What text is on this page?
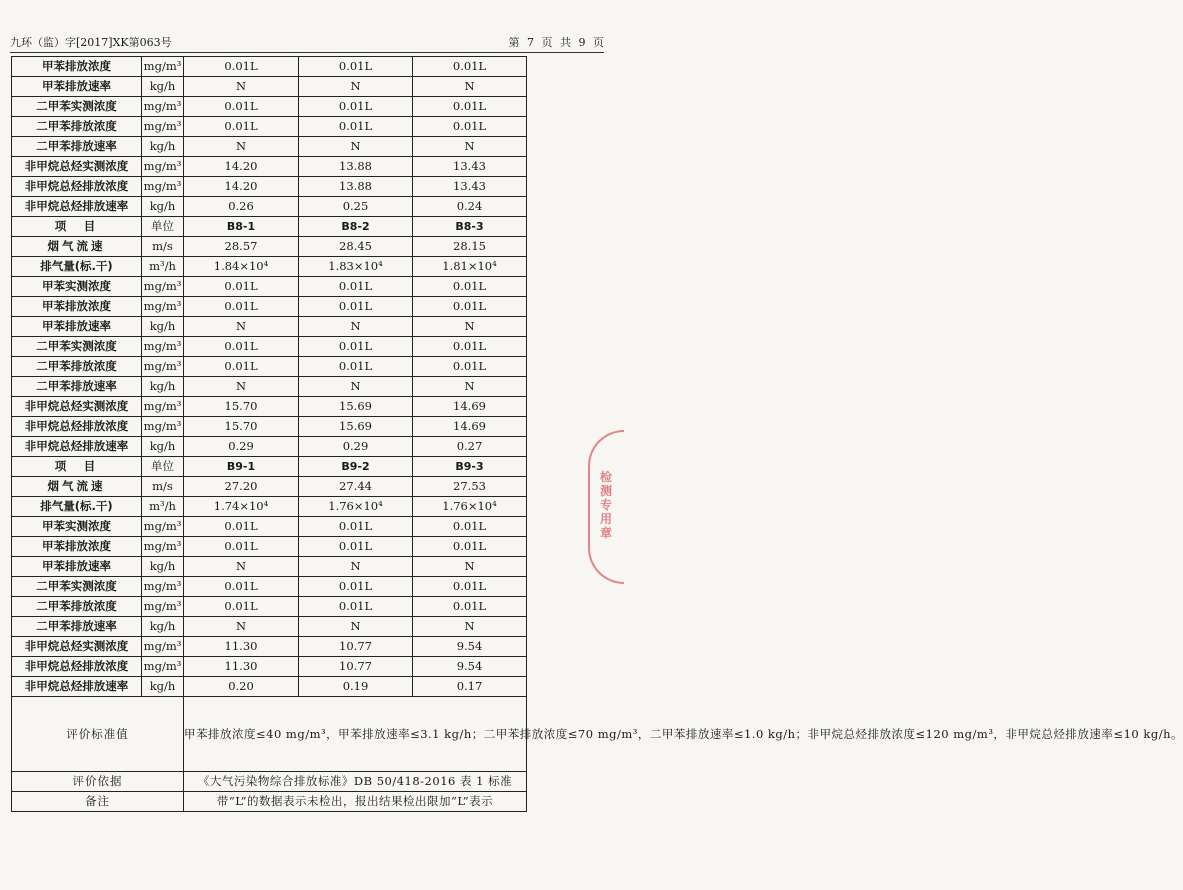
九环（监）字[2017]XK第063号	第 7 页 共 9 页
甲苯排放浓度	mg/m³	0.01L	0.01L	0.01L
甲苯排放速率	kg/h	N	N	N
二甲苯实测浓度	mg/m³	0.01L	0.01L	0.01L
二甲苯排放浓度	mg/m³	0.01L	0.01L	0.01L
二甲苯排放速率	kg/h	N	N	N
非甲烷总烃实测浓度	mg/m³	14.20	13.88	13.43
非甲烷总烃排放浓度	mg/m³	14.20	13.88	13.43
非甲烷总烃排放速率	kg/h	0.26	0.25	0.24
项　目	单位	B8-1	B8-2	B8-3
烟气流速	m/s	28.57	28.45	28.15
排气量(标.干)	m³/h	1.84×10⁴	1.83×10⁴	1.81×10⁴
甲苯实测浓度	mg/m³	0.01L	0.01L	0.01L
甲苯排放浓度	mg/m³	0.01L	0.01L	0.01L
甲苯排放速率	kg/h	N	N	N
二甲苯实测浓度	mg/m³	0.01L	0.01L	0.01L
二甲苯排放浓度	mg/m³	0.01L	0.01L	0.01L
二甲苯排放速率	kg/h	N	N	N
非甲烷总烃实测浓度	mg/m³	15.70	15.69	14.69
非甲烷总烃排放浓度	mg/m³	15.70	15.69	14.69
非甲烷总烃排放速率	kg/h	0.29	0.29	0.27
项　目	单位	B9-1	B9-2	B9-3
烟气流速	m/s	27.20	27.44	27.53
排气量(标.干)	m³/h	1.74×10⁴	1.76×10⁴	1.76×10⁴
甲苯实测浓度	mg/m³	0.01L	0.01L	0.01L
甲苯排放浓度	mg/m³	0.01L	0.01L	0.01L
甲苯排放速率	kg/h	N	N	N
二甲苯实测浓度	mg/m³	0.01L	0.01L	0.01L
二甲苯排放浓度	mg/m³	0.01L	0.01L	0.01L
二甲苯排放速率	kg/h	N	N	N
非甲烷总烃实测浓度	mg/m³	11.30	10.77	9.54
非甲烷总烃排放浓度	mg/m³	11.30	10.77	9.54
非甲烷总烃排放速率	kg/h	0.20	0.19	0.17
评价标准值		甲苯排放浓度≤40 mg/m³，甲苯排放速率≤3.1 kg/h；二甲苯排放浓度≤70 mg/m³，二甲苯排放速率≤1.0 kg/h；非甲烷总烃排放浓度≤120 mg/m³，非甲烷总烃排放速率≤10 kg/h。		
评价依据		《大气污染物综合排放标准》DB 50/418-2016 表 1 标准		
备注		带“L”的数据表示未检出，报出结果检出限加“L”表示		
检测专用章
